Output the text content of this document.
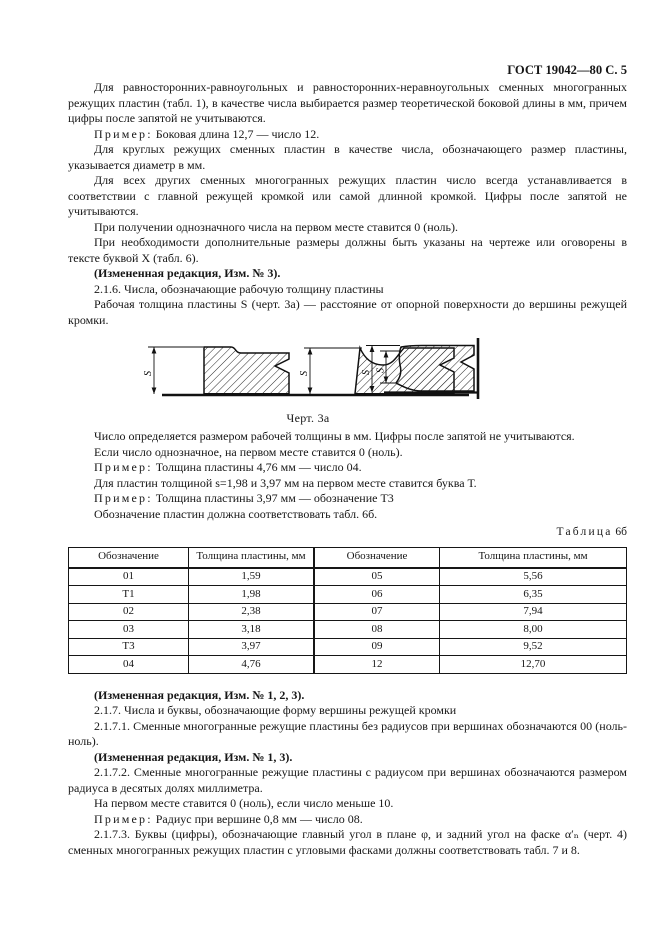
ГОСТ 19042—80 С. 5

Для равносторонних-равноугольных и равносторонних-неравноугольных сменных многогранных режущих пластин (табл. 1), в качестве числа выбирается размер теоретической боковой длины в мм, причем цифры после запятой не учитываются.

Пример: Боковая длина 12,7 — число 12.

Для круглых режущих сменных пластин в качестве числа, обозначающего размер пластины, указывается диаметр в мм.

Для всех других сменных многогранных режущих пластин число всегда устанавливается в соответствии с главной режущей кромкой или самой длинной кромкой. Цифры после запятой не учитываются.

При получении однозначного числа на первом месте ставится 0 (ноль).

При необходимости дополнительные размеры должны быть указаны на чертеже или оговорены в тексте буквой X (табл. 6).

(Измененная редакция, Изм. № 3).

2.1.6. Числа, обозначающие рабочую толщину пластины

Рабочая толщина пластины S (черт. 3а) — расстояние от опорной поверхности до вершины режущей кромки.

S	S	S S
Черт. 3а

Число определяется размером рабочей толщины в мм. Цифры после запятой не учитываются.

Если число однозначное, на первом месте ставится 0 (ноль).

Пример: Толщина пластины 4,76 мм — число 04.

Для пластин толщиной s=1,98 и 3,97 мм на первом месте ставится буква Т.

Пример: Толщина пластины 3,97 мм — обозначение Т3

Обозначение пластин должна соответствовать табл. 6б.

Таблица 6б
Обозначение	Толщина пластины, мм	Обозначение	Толщина пластины, мм
01	1,59	05	5,56
Т1	1,98	06	6,35
02	2,38	07	7,94
03	3,18	08	8,00
Т3	3,97	09	9,52
04	4,76	12	12,70

(Измененная редакция, Изм. № 1, 2, 3).

2.1.7. Числа и буквы, обозначающие форму вершины режущей кромки

2.1.7.1. Сменные многогранные режущие пластины без радиусов при вершинах обозначаются 00 (ноль-ноль).

(Измененная редакция, Изм. № 1, 3).

2.1.7.2. Сменные многогранные режущие пластины с радиусом при вершинах обозначаются размером радиуса в десятых долях миллиметра.

На первом месте ставится 0 (ноль), если число меньше 10.

Пример: Радиус при вершине 0,8 мм — число 08.

2.1.7.3. Буквы (цифры), обозначающие главный угол в плане φ, и задний угол на фаске α′ₙ (черт. 4) сменных многогранных режущих пластин с угловыми фасками должны соответствовать табл. 7 и 8.
